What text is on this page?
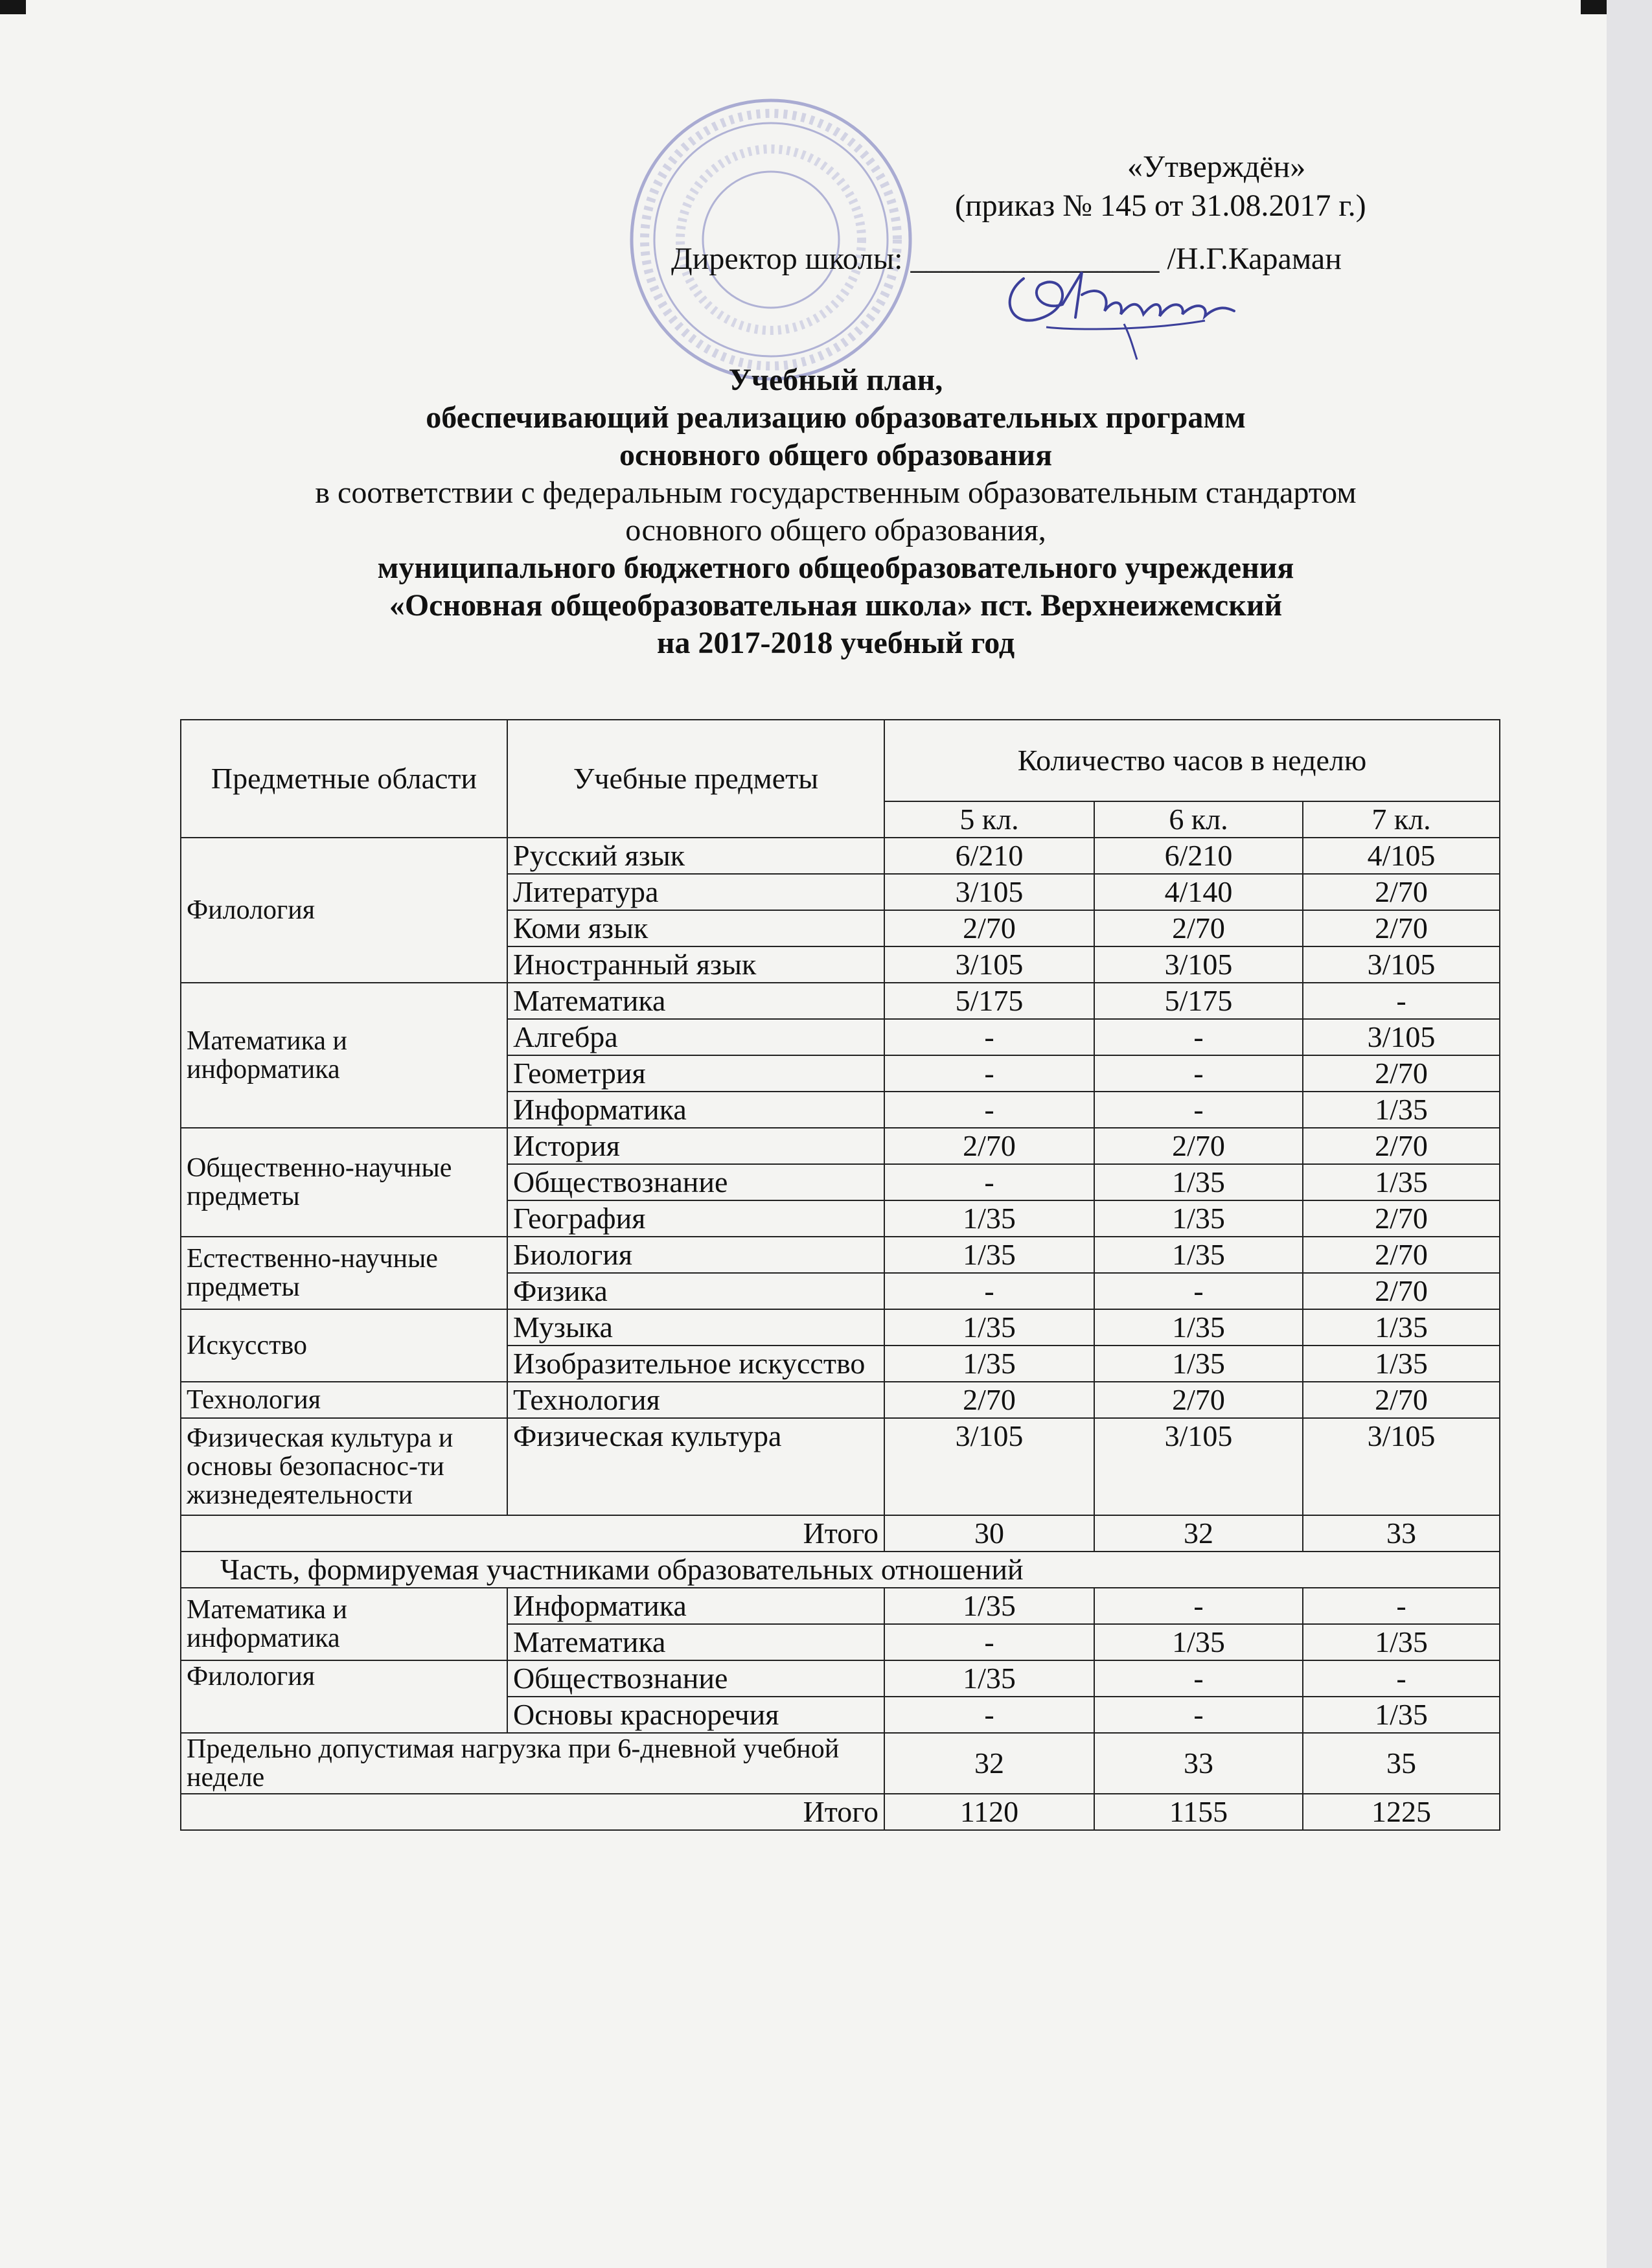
«Утверждён»
(приказ № 145 от 31.08.2017 г.)
Директор школы: ________________ /Н.Г.Караман
Учебный план,
обеспечивающий реализацию образовательных программ
основного общего образования
в соответствии с федеральным государственным образовательным стандартом
основного общего образования,
муниципального бюджетного общеобразовательного учреждения
«Основная общеобразовательная школа» пст. Верхнеижемский
на 2017-2018 учебный год
Предметные области	Учебные предметы	Количество часов в неделю		
		5 кл.	6 кл.	7 кл.
Филология	Русский язык	6/210	6/210	4/105
	Литература	3/105	4/140	2/70
	Коми язык	2/70	2/70	2/70
	Иностранный язык	3/105	3/105	3/105
Математика и информатика	Математика	5/175	5/175	-
	Алгебра	-	-	3/105
	Геометрия	-	-	2/70
	Информатика	-	-	1/35
Общественно-научные предметы	История	2/70	2/70	2/70
	Обществознание	-	1/35	1/35
	География	1/35	1/35	2/70
Естественно-научные предметы	Биология	1/35	1/35	2/70
	Физика	-	-	2/70
Искусство	Музыка	1/35	1/35	1/35
	Изобразительное искусство	1/35	1/35	1/35
Технология	Технология	2/70	2/70	2/70
Физическая культура и основы безопаснос-ти жизнедеятельности	Физическая культура	3/105	3/105	3/105
Итого		30	32	33
Часть, формируемая участниками образовательных отношений				
Математика и информатика	Информатика	1/35	-	-
	Математика	-	1/35	1/35
Филология	Обществознание	1/35	-	-
	Основы красноречия	-	-	1/35
Предельно допустимая нагрузка при 6-дневной учебной неделе		32	33	35
Итого		1120	1155	1225
